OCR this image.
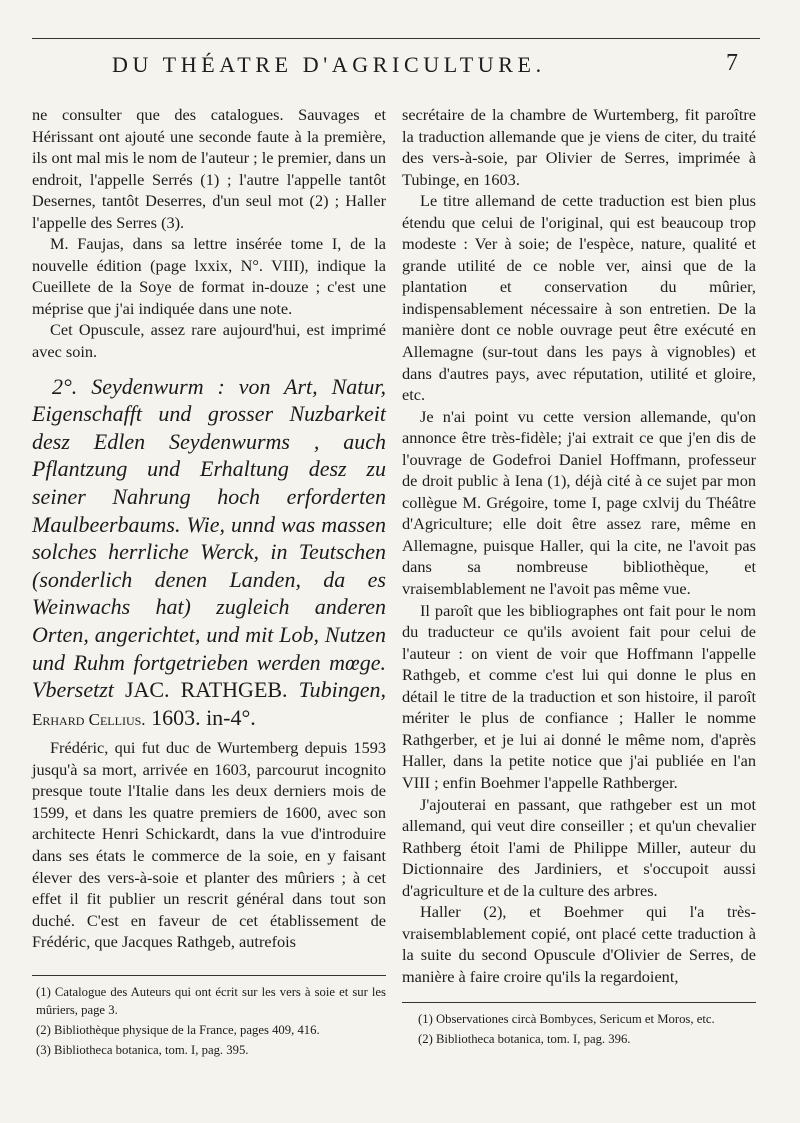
DU THÉATRE D'AGRICULTURE.	7

ne consulter que des catalogues. Sauvages et Hérissant ont ajouté une seconde faute à la première, ils ont mal mis le nom de l'auteur ; le premier, dans un endroit, l'appelle Serrés (1) ; l'autre l'appelle tantôt Desernes, tantôt Deserres, d'un seul mot (2) ; Haller l'appelle des Serres (3).

M. Faujas, dans sa lettre insérée tome I, de la nouvelle édition (page lxxix, N°. VIII), indique la Cueillete de la Soye de format in-douze ; c'est une méprise que j'ai indiquée dans une note.

Cet Opuscule, assez rare aujourd'hui, est imprimé avec soin.

2°. Seydenwurm : von Art, Natur, Eigenschafft und grosser Nuzbarkeit desz Edlen Seydenwurms , auch Pflantzung und Erhaltung desz zu seiner Nahrung hoch erforderten Maulbeerbaums. Wie, unnd was massen solches herrliche Werck, in Teutschen (sonderlich denen Landen, da es Weinwachs hat) zugleich anderen Orten, angerichtet, und mit Lob, Nutzen und Ruhm fortgetrieben werden mœge. Vbersetzt JAC. RATHGEB. Tubingen, Erhard Cellius. 1603. in-4°.

Frédéric, qui fut duc de Wurtemberg depuis 1593 jusqu'à sa mort, arrivée en 1603, parcourut incognito presque toute l'Italie dans les deux derniers mois de 1599, et dans les quatre premiers de 1600, avec son architecte Henri Schickardt, dans la vue d'introduire dans ses états le commerce de la soie, en y faisant élever des vers-à-soie et planter des mûriers ; à cet effet il fit publier un rescrit général dans tout son duché. C'est en faveur de cet établissement de Frédéric, que Jacques Rathgeb, autrefois

secrétaire de la chambre de Wurtemberg, fit paroître la traduction allemande que je viens de citer, du traité des vers-à-soie, par Olivier de Serres, imprimée à Tubinge, en 1603.

Le titre allemand de cette traduction est bien plus étendu que celui de l'original, qui est beaucoup trop modeste : Ver à soie; de l'espèce, nature, qualité et grande utilité de ce noble ver, ainsi que de la plantation et conservation du mûrier, indispensablement nécessaire à son entretien. De la manière dont ce noble ouvrage peut être exécuté en Allemagne (sur-tout dans les pays à vignobles) et dans d'autres pays, avec réputation, utilité et gloire, etc.

Je n'ai point vu cette version allemande, qu'on annonce être très-fidèle; j'ai extrait ce que j'en dis de l'ouvrage de Godefroi Daniel Hoffmann, professeur de droit public à Iena (1), déjà cité à ce sujet par mon collègue M. Grégoire, tome I, page cxlvij du Théâtre d'Agriculture; elle doit être assez rare, même en Allemagne, puisque Haller, qui la cite, ne l'avoit pas dans sa nombreuse bibliothèque, et vraisemblablement ne l'avoit pas même vue.

Il paroît que les bibliographes ont fait pour le nom du traducteur ce qu'ils avoient fait pour celui de l'auteur : on vient de voir que Hoffmann l'appelle Rathgeb, et comme c'est lui qui donne le plus en détail le titre de la traduction et son histoire, il paroît mériter le plus de confiance ; Haller le nomme Rathgerber, et je lui ai donné le même nom, d'après Haller, dans la petite notice que j'ai publiée en l'an VIII ; enfin Boehmer l'appelle Rathberger.

J'ajouterai en passant, que rathgeber est un mot allemand, qui veut dire conseiller ; et qu'un chevalier Rathberg étoit l'ami de Philippe Miller, auteur du Dictionnaire des Jardiniers, et s'occupoit aussi d'agriculture et de la culture des arbres.

Haller (2), et Boehmer qui l'a très-vraisemblablement copié, ont placé cette traduction à la suite du second Opuscule d'Olivier de Serres, de manière à faire croire qu'ils la regardoient,

(1) Catalogue des Auteurs qui ont écrit sur les vers à soie et sur les mûriers, page 3.

(2) Bibliothèque physique de la France, pages 409, 416.

(3) Bibliotheca botanica, tom. I, pag. 395.

(1) Observationes circà Bombyces, Sericum et Moros, etc.

(2) Bibliotheca botanica, tom. I, pag. 396.
